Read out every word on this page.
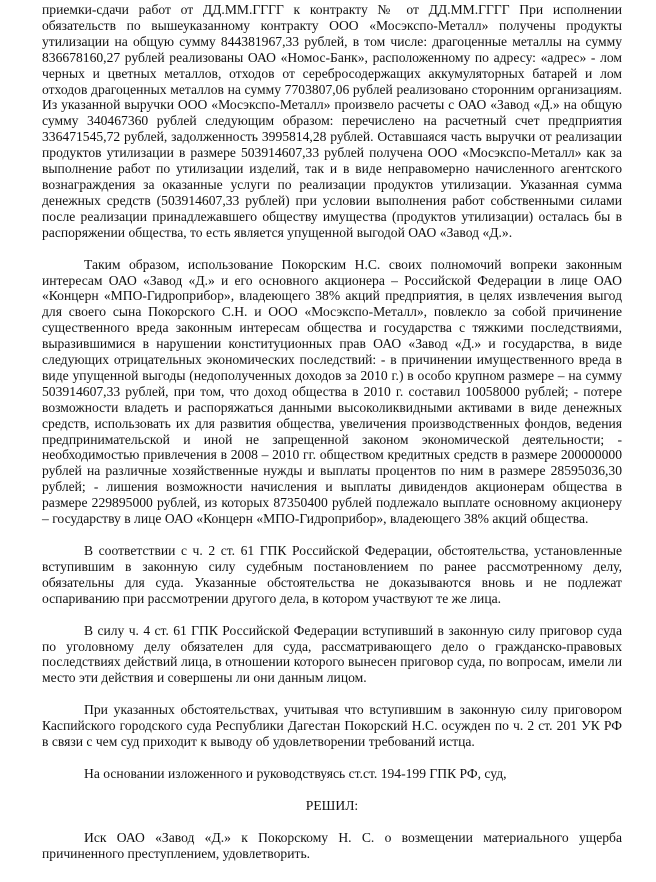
приемки-сдачи работ от ДД.ММ.ГГГГ к контракту № от ДД.ММ.ГГГГ При исполнении обязательств по вышеуказанному контракту ООО «Мосэкспо-Металл» получены продукты утилизации на общую сумму 844381967,33 рублей, в том числе: драгоценные металлы на сумму 836678160,27 рублей реализованы ОАО «Номос-Банк», расположенному по адресу: «адрес» - лом черных и цветных металлов, отходов от серебросодержащих аккумуляторных батарей и лом отходов драгоценных металлов на сумму 7703807,06 рублей реализовано сторонним организациям. Из указанной выручки ООО «Мосэкспо-Металл» произвело расчеты с ОАО «Завод «Д.» на общую сумму 340467360 рублей следующим образом: перечислено на расчетный счет предприятия 336471545,72 рублей, задолженность 3995814,28 рублей. Оставшаяся часть выручки от реализации продуктов утилизации в размере 503914607,33 рублей получена ООО «Мосэкспо-Металл» как за выполнение работ по утилизации изделий, так и в виде неправомерно начисленного агентского вознаграждения за оказанные услуги по реализации продуктов утилизации. Указанная сумма денежных средств (503914607,33 рублей) при условии выполнения работ собственными силами после реализации принадлежавшего обществу имущества (продуктов утилизации) осталась бы в распоряжении общества, то есть является упущенной выгодой ОАО «Завод «Д.».

Таким образом, использование Покорским Н.С. своих полномочий вопреки законным интересам ОАО «Завод «Д.» и его основного акционера – Российской Федерации в лице ОАО «Концерн «МПО-Гидроприбор», владеющего 38% акций предприятия, в целях извлечения выгод для своего сына Покорского С.Н. и ООО «Мосэкспо-Металл», повлекло за собой причинение существенного вреда законным интересам общества и государства с тяжкими последствиями, выразившимися в нарушении конституционных прав ОАО «Завод «Д.» и государства, в виде следующих отрицательных экономических последствий: - в причинении имущественного вреда в виде упущенной выгоды (недополученных доходов за 2010 г.) в особо крупном размере – на сумму 503914607,33 рублей, при том, что доход общества в 2010 г. составил 10058000 рублей; - потере возможности владеть и распоряжаться данными высоколиквидными активами в виде денежных средств, использовать их для развития общества, увеличения производственных фондов, ведения предпринимательской и иной не запрещенной законом экономической деятельности; - необходимостью привлечения в 2008 – 2010 гг. обществом кредитных средств в размере 200000000 рублей на различные хозяйственные нужды и выплаты процентов по ним в размере 28595036,30 рублей; - лишения возможности начисления и выплаты дивидендов акционерам общества в размере 229895000 рублей, из которых 87350400 рублей подлежало выплате основному акционеру – государству в лице ОАО «Концерн «МПО-Гидроприбор», владеющего 38% акций общества.

В соответствии с ч. 2 ст. 61 ГПК Российской Федерации, обстоятельства, установленные вступившим в законную силу судебным постановлением по ранее рассмотренному делу, обязательны для суда. Указанные обстоятельства не доказываются вновь и не подлежат оспариванию при рассмотрении другого дела, в котором участвуют те же лица.

В силу ч. 4 ст. 61 ГПК Российской Федерации вступивший в законную силу приговор суда по уголовному делу обязателен для суда, рассматривающего дело о гражданско-правовых последствиях действий лица, в отношении которого вынесен приговор суда, по вопросам, имели ли место эти действия и совершены ли они данным лицом.

При указанных обстоятельствах, учитывая что вступившим в законную силу приговором Каспийского городского суда Республики Дагестан Покорский Н.С. осужден по ч. 2 ст. 201 УК РФ в связи с чем суд приходит к выводу об удовлетворении требований истца.

На основании изложенного и руководствуясь ст.ст. 194-199 ГПК РФ, суд,

РЕШИЛ:

Иск ОАО «Завод «Д.» к Покорскому Н. С. о возмещении материального ущерба причиненного преступлением, удовлетворить.
